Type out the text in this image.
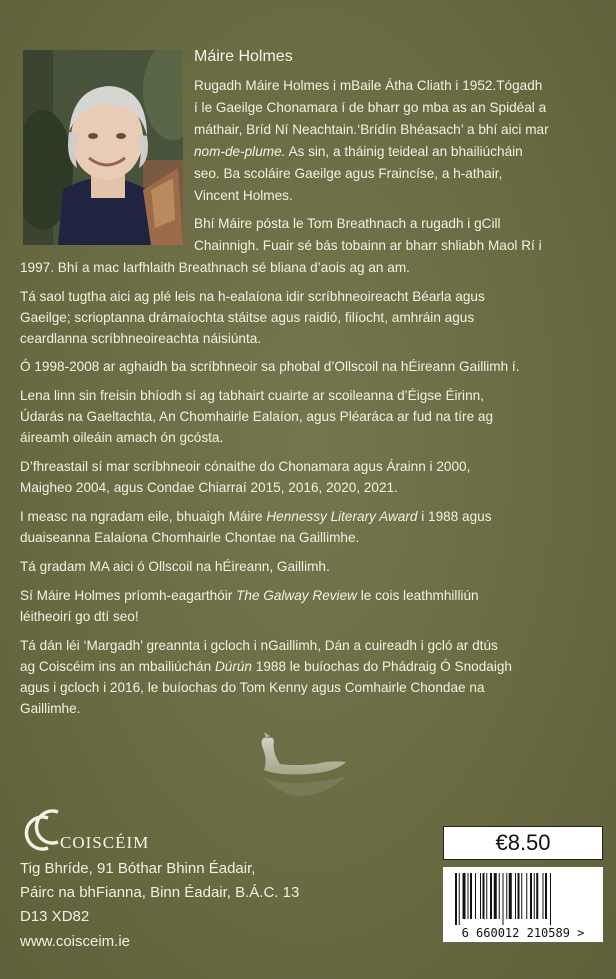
Máire Holmes

Rugadh Máire Holmes i mBaile Átha Cliath i 1952.Tógadh

í le Gaeilge Chonamara í de bharr go mba as an Spidéal a

máthair, Bríd Ní Neachtain.‘Brídín Bhéasach’ a bhí aici mar

nom-de-plume. As sin, a tháinig teideal an bhailiúcháin

seo. Ba scoláire Gaeilge agus Fraincíse, a h-athair,

Vincent Holmes.

Bhí Máire pósta le Tom Breathnach a rugadh i gCill

Chainnigh. Fuair sé bás tobainn ar bharr shliabh Maol Rí i

1997. Bhí a mac Iarfhlaith Breathnach sé bliana d’aois ag an am.

Tá saol tugtha aici ag plé leis na h-ealaíona idir scríbhneoireacht Béarla agus

Gaeilge; scrioptanna drámaíochta stáitse agus raidió, filíocht, amhráin agus

ceardlanna scríbhneoireachta náisiúnta.

Ó 1998-2008 ar aghaidh ba scríbhneoir sa phobal d’Ollscoil na hÉireann Gaillimh í.

Lena linn sin freisin bhíodh sí ag tabhairt cuairte ar scoileanna d’Éigse Éirinn,

Údarás na Gaeltachta, An Chomhairle Ealaíon, agus Pléaráca ar fud na tíre ag

áireamh oileáin amach ón gcósta.

D’fhreastail sí mar scríbhneoir cónaithe do Chonamara agus Árainn i 2000,

Maigheo 2004, agus Condae Chiarraí 2015, 2016, 2020, 2021.

I measc na ngradam eile, bhuaigh Máire Hennessy Literary Award i 1988 agus

duaiseanna Ealaíona Chomhairle Chontae na Gaillimhe.

Tá gradam MA aici ó Ollscoil na hÉireann, Gaillimh.

Sí Máire Holmes príomh-eagarthóir The Galway Review le cois leathmhilliún

léitheoirí go dtí seo!

Tá dán léi ‘Margadh’ greannta i gcloch i nGaillimh, Dán a cuireadh i gcló ar dtús

ag Coiscéim ins an mbailiúchán Dúrún 1988 le buíochas do Phádraig Ó Snodaigh

agus i gcloch i 2016, le buíochas do Tom Kenny agus Comhairle Chondae na

Gaillimhe.

COISCÉIM
Tig Bhríde, 91 Bóthar Bhinn Éadair,
Páirc na bhFianna, Binn Éadair, B.Á.C. 13
D13 XD82
www.coisceim.ie
€8.50
6 660012 210589 >
